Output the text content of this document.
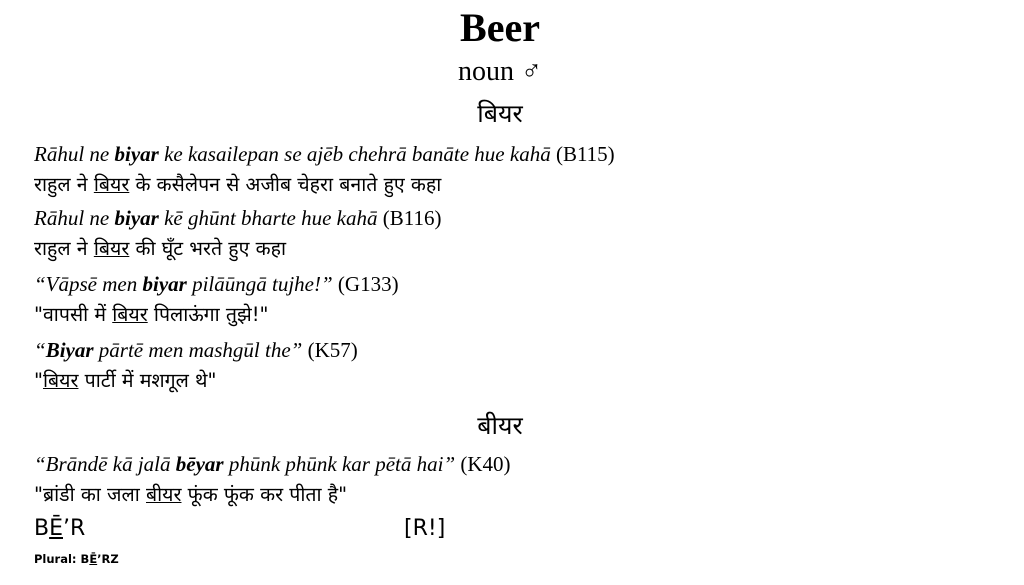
Beer
noun ♂
बियर
Rāhul ne biyar ke kasailepan se ajēb chehrā banāte hue kahā (B115)
राहुल ने बियर के कसैलेपन से अजीब चेहरा बनाते हुए कहा
Rāhul ne biyar kē ghūnt bharte hue kahā (B116)
राहुल ने बियर की घूँट भरते हुए कहा
“Vāpsē men biyar pilāūngā tujhe!” (G133)
"वापसी में बियर पिलाऊंगा तुझे!"
“Biyar pārtē men mashgūl the” (K57)
"बियर पार्टी में मशगूल थे"
बीयर
“Brāndē kā jalā bēyar phūnk phūnk kar pētā hai” (K40)
"ब्रांडी का जला बीयर फूंक फूंक कर पीता है"
BĒ’R	[R!]
Plural: BĒ’RZ
